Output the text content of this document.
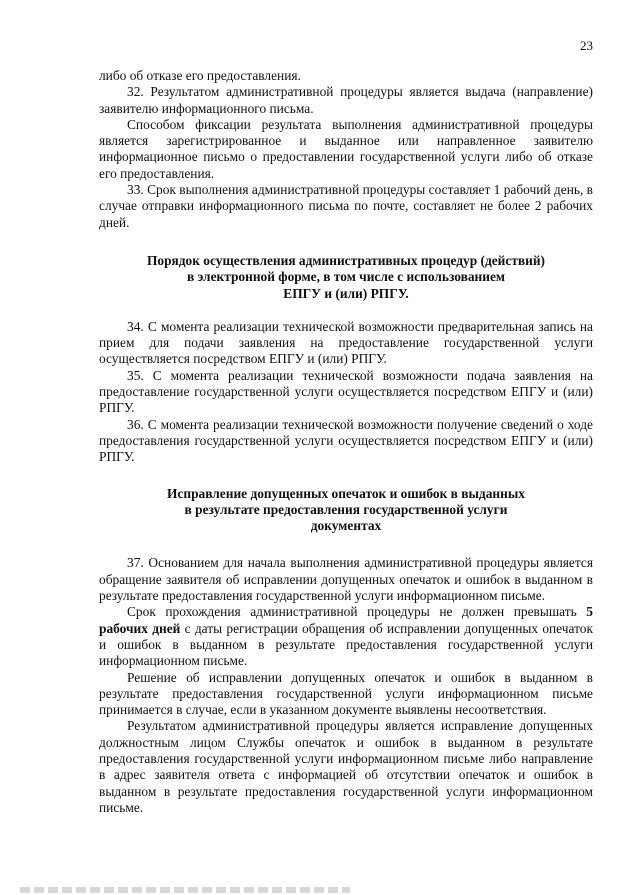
23

либо об отказе его предоставления.

32. Результатом административной процедуры является выдача (направление) заявителю информационного письма.

Способом фиксации результата выполнения административной процедуры является зарегистрированное и выданное или направленное заявителю информационное письмо о предоставлении государственной услуги либо об отказе его предоставления.

33. Срок выполнения административной процедуры составляет 1 рабочий день, в случае отправки информационного письма по почте, составляет не более 2 рабочих дней.

Порядок осуществления административных процедур (действий)
в электронной форме, в том числе с использованием
ЕПГУ и (или) РПГУ.

34. С момента реализации технической возможности предварительная запись на прием для подачи заявления на предоставление государственной услуги осуществляется посредством ЕПГУ и (или) РПГУ.

35. С момента реализации технической возможности подача заявления на предоставление государственной услуги осуществляется посредством ЕПГУ и (или) РПГУ.

36. С момента реализации технической возможности получение сведений о ходе предоставления государственной услуги осуществляется посредством ЕПГУ и (или) РПГУ.

Исправление допущенных опечаток и ошибок в выданных
в результате предоставления государственной услуги
документах

37. Основанием для начала выполнения административной процедуры является обращение заявителя об исправлении допущенных опечаток и ошибок в выданном в результате предоставления государственной услуги информационном письме.

Срок прохождения административной процедуры не должен превышать 5 рабочих дней с даты регистрации обращения об исправлении допущенных опечаток и ошибок в выданном в результате предоставления государственной услуги информационном письме.

Решение об исправлении допущенных опечаток и ошибок в выданном в результате предоставления государственной услуги информационном письме принимается в случае, если в указанном документе выявлены несоответствия.

Результатом административной процедуры является исправление допущенных должностным лицом Службы опечаток и ошибок в выданном в результате предоставления государственной услуги информационном письме либо направление в адрес заявителя ответа с информацией об отсутствии опечаток и ошибок в выданном в результате предоставления государственной услуги информационном письме.
